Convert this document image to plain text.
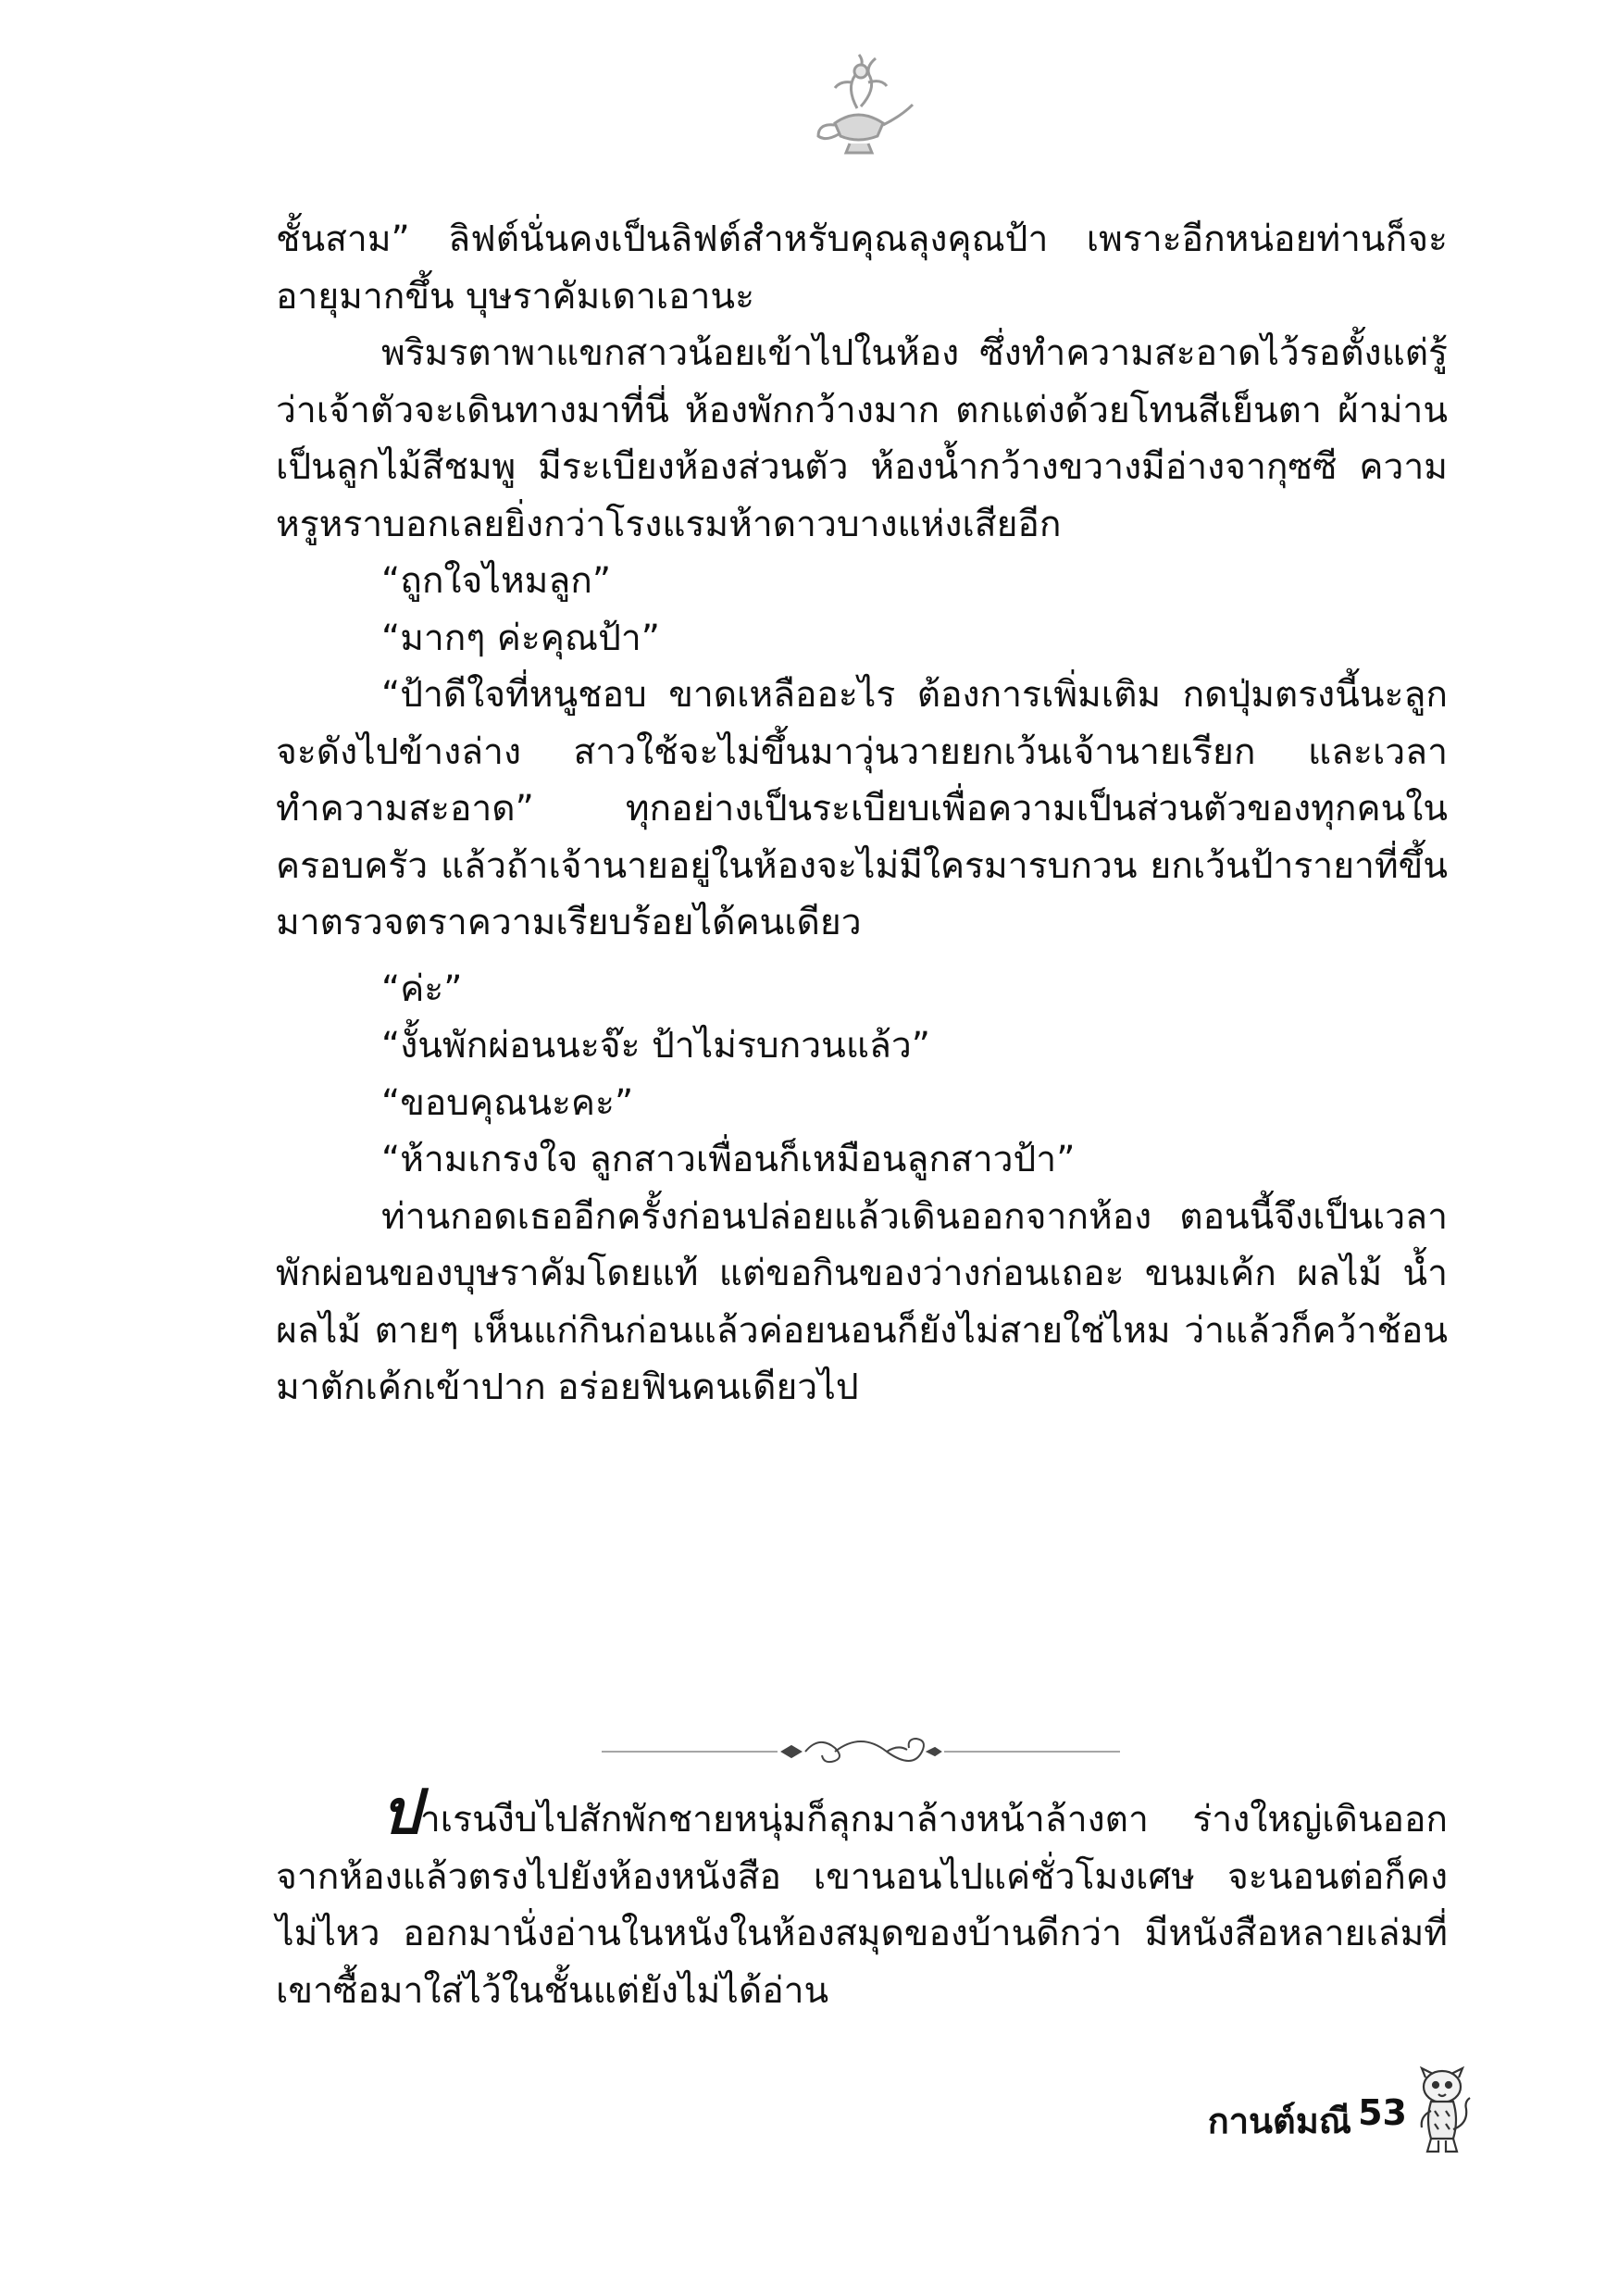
ชั้นสาม” ลิฟต์นั่นคงเป็นลิฟต์สำหรับคุณลุงคุณป้า เพราะอีกหน่อยท่านก็จะอายุมากขึ้น บุษราคัมเดาเอานะ

พริมรตาพาแขกสาวน้อยเข้าไปในห้อง ซึ่งทำความสะอาดไว้รอตั้งแต่รู้ว่าเจ้าตัวจะเดินทางมาที่นี่ ห้องพักกว้างมาก ตกแต่งด้วยโทนสีเย็นตา ผ้าม่านเป็นลูกไม้สีชมพู มีระเบียงห้องส่วนตัว ห้องน้ำกว้างขวางมีอ่างจากุซซี ความหรูหราบอกเลยยิ่งกว่าโรงแรมห้าดาวบางแห่งเสียอีก

“ถูกใจไหมลูก”

“มากๆ ค่ะคุณป้า”

“ป้าดีใจที่หนูชอบ ขาดเหลืออะไร ต้องการเพิ่มเติม กดปุ่มตรงนี้นะลูก จะดังไปข้างล่าง สาวใช้จะไม่ขึ้นมาวุ่นวายยกเว้นเจ้านายเรียก และเวลาทำความสะอาด” ทุกอย่างเป็นระเบียบเพื่อความเป็นส่วนตัวของทุกคนในครอบครัว แล้วถ้าเจ้านายอยู่ในห้องจะไม่มีใครมารบกวน ยกเว้นป้ารายาที่ขึ้นมาตรวจตราความเรียบร้อยได้คนเดียว

“ค่ะ”

“งั้นพักผ่อนนะจ๊ะ ป้าไม่รบกวนแล้ว”

“ขอบคุณนะคะ”

“ห้ามเกรงใจ ลูกสาวเพื่อนก็เหมือนลูกสาวป้า”

ท่านกอดเธออีกครั้งก่อนปล่อยแล้วเดินออกจากห้อง ตอนนี้จึงเป็นเวลาพักผ่อนของบุษราคัมโดยแท้ แต่ขอกินของว่างก่อนเถอะ ขนมเค้ก ผลไม้ น้ำผลไม้ ตายๆ เห็นแก่กินก่อนแล้วค่อยนอนก็ยังไม่สายใช่ไหม ว่าแล้วก็คว้าช้อนมาตักเค้กเข้าปาก อร่อยฟินคนเดียวไป

ปาเรนงีบไปสักพักชายหนุ่มก็ลุกมาล้างหน้าล้างตา ร่างใหญ่เดินออกจากห้องแล้วตรงไปยังห้องหนังสือ เขานอนไปแค่ชั่วโมงเศษ จะนอนต่อก็คงไม่ไหว ออกมานั่งอ่านในหนังในห้องสมุดของบ้านดีกว่า มีหนังสือหลายเล่มที่เขาซื้อมาใส่ไว้ในชั้นแต่ยังไม่ได้อ่าน

กานต์มณี 53
